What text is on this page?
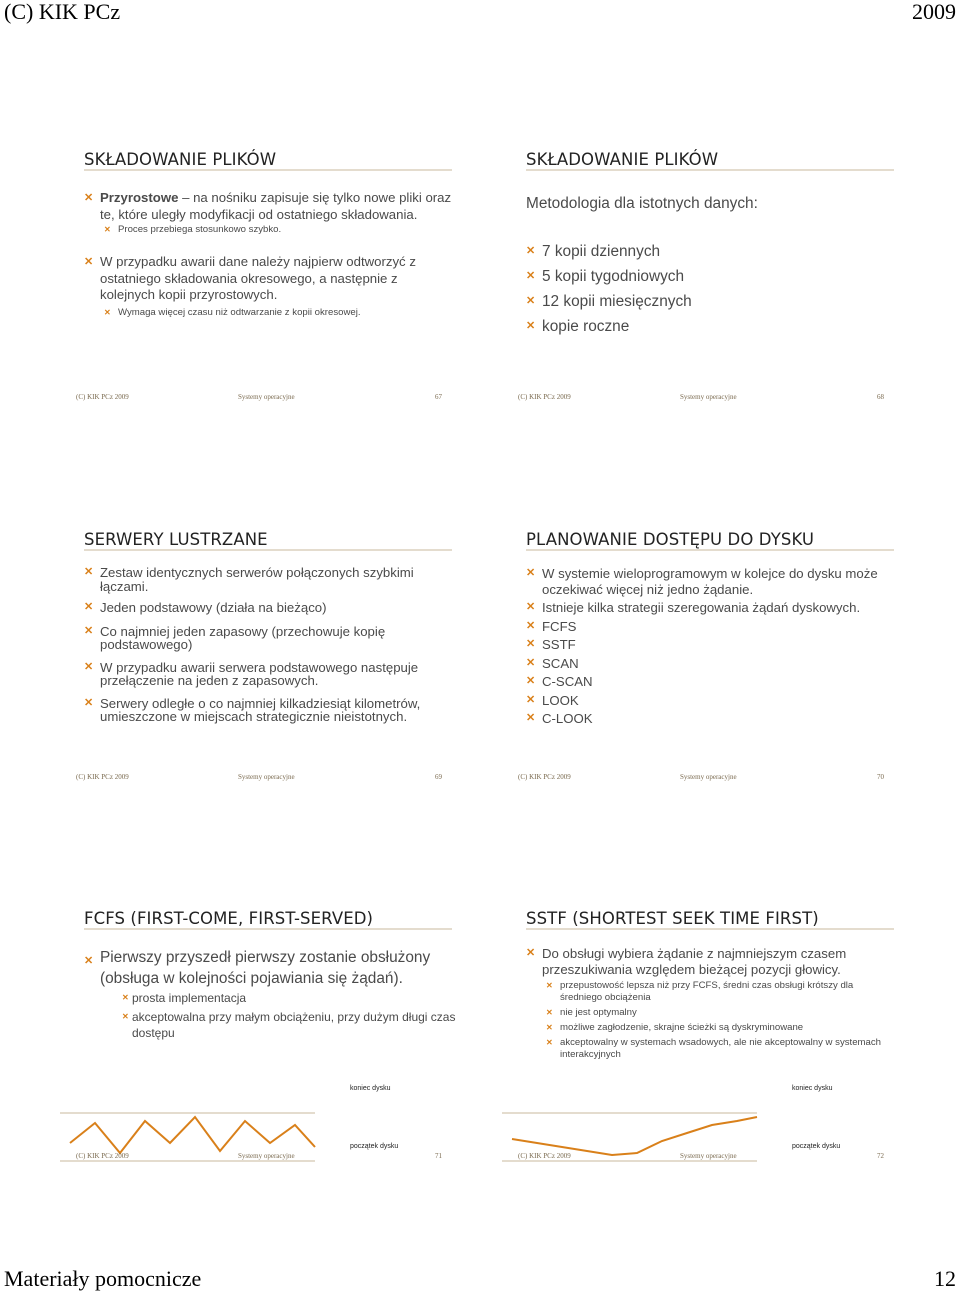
(C) KIK PCz	2009
SKŁADOWANIE PLIKÓW
✕ Przyrostowe – na nośniku zapisuje się tylko nowe pliki oraz te, które uległy modyfikacji od ostatniego składowania.
✕ Proces przebiega stosunkowo szybko.
✕ W przypadku awarii dane należy najpierw odtworzyć z ostatniego składowania okresowego, a następnie z kolejnych kopii przyrostowych.
✕ Wymaga więcej czasu niż odtwarzanie z kopii okresowej.
(C) KIK PCz 2009	Systemy operacyjne	67
SKŁADOWANIE PLIKÓW
Metodologia dla istotnych danych:
✕ 7 kopii dziennych
✕ 5 kopii tygodniowych
✕ 12 kopii miesięcznych
✕ kopie roczne
(C) KIK PCz 2009	Systemy operacyjne	68
SERWERY LUSTRZANE
✕ Zestaw identycznych serwerów połączonych szybkimi łączami.
✕ Jeden podstawowy (działa na bieżąco)
✕ Co najmniej jeden zapasowy (przechowuje kopię podstawowego)
✕ W przypadku awarii serwera podstawowego następuje przełączenie na jeden z zapasowych.
✕ Serwery odległe o co najmniej kilkadziesiąt kilometrów, umieszczone w miejscach strategicznie nieistotnych.
(C) KIK PCz 2009	Systemy operacyjne	69
PLANOWANIE DOSTĘPU DO DYSKU
✕ W systemie wieloprogramowym w kolejce do dysku może oczekiwać więcej niż jedno żądanie.
✕ Istnieje kilka strategii szeregowania żądań dyskowych.
✕ FCFS
✕ SSTF
✕ SCAN
✕ C-SCAN
✕ LOOK
✕ C-LOOK
(C) KIK PCz 2009	Systemy operacyjne	70
FCFS (FIRST-COME, FIRST-SERVED)
✕ Pierwszy przyszedł pierwszy zostanie obsłużony (obsługa w kolejności pojawiania się żądań).
✕ prosta implementacja
✕ akceptowalna przy małym obciążeniu, przy dużym długi czas dostępu
koniec dysku
początek dysku
(C) KIK PCz 2009	Systemy operacyjne	71
SSTF (SHORTEST SEEK TIME FIRST)
✕ Do obsługi wybiera żądanie z najmniejszym czasem przeszukiwania względem bieżącej pozycji głowicy.
✕ przepustowość lepsza niż przy FCFS, średni czas obsługi krótszy dla średniego obciążenia
✕ nie jest optymalny
✕ możliwe zagłodzenie, skrajne ścieżki są dyskryminowane
✕ akceptowalny w systemach wsadowych, ale nie akceptowalny w systemach interakcyjnych
koniec dysku
początek dysku
(C) KIK PCz 2009	Systemy operacyjne	72
Materiały pomocnicze	12
